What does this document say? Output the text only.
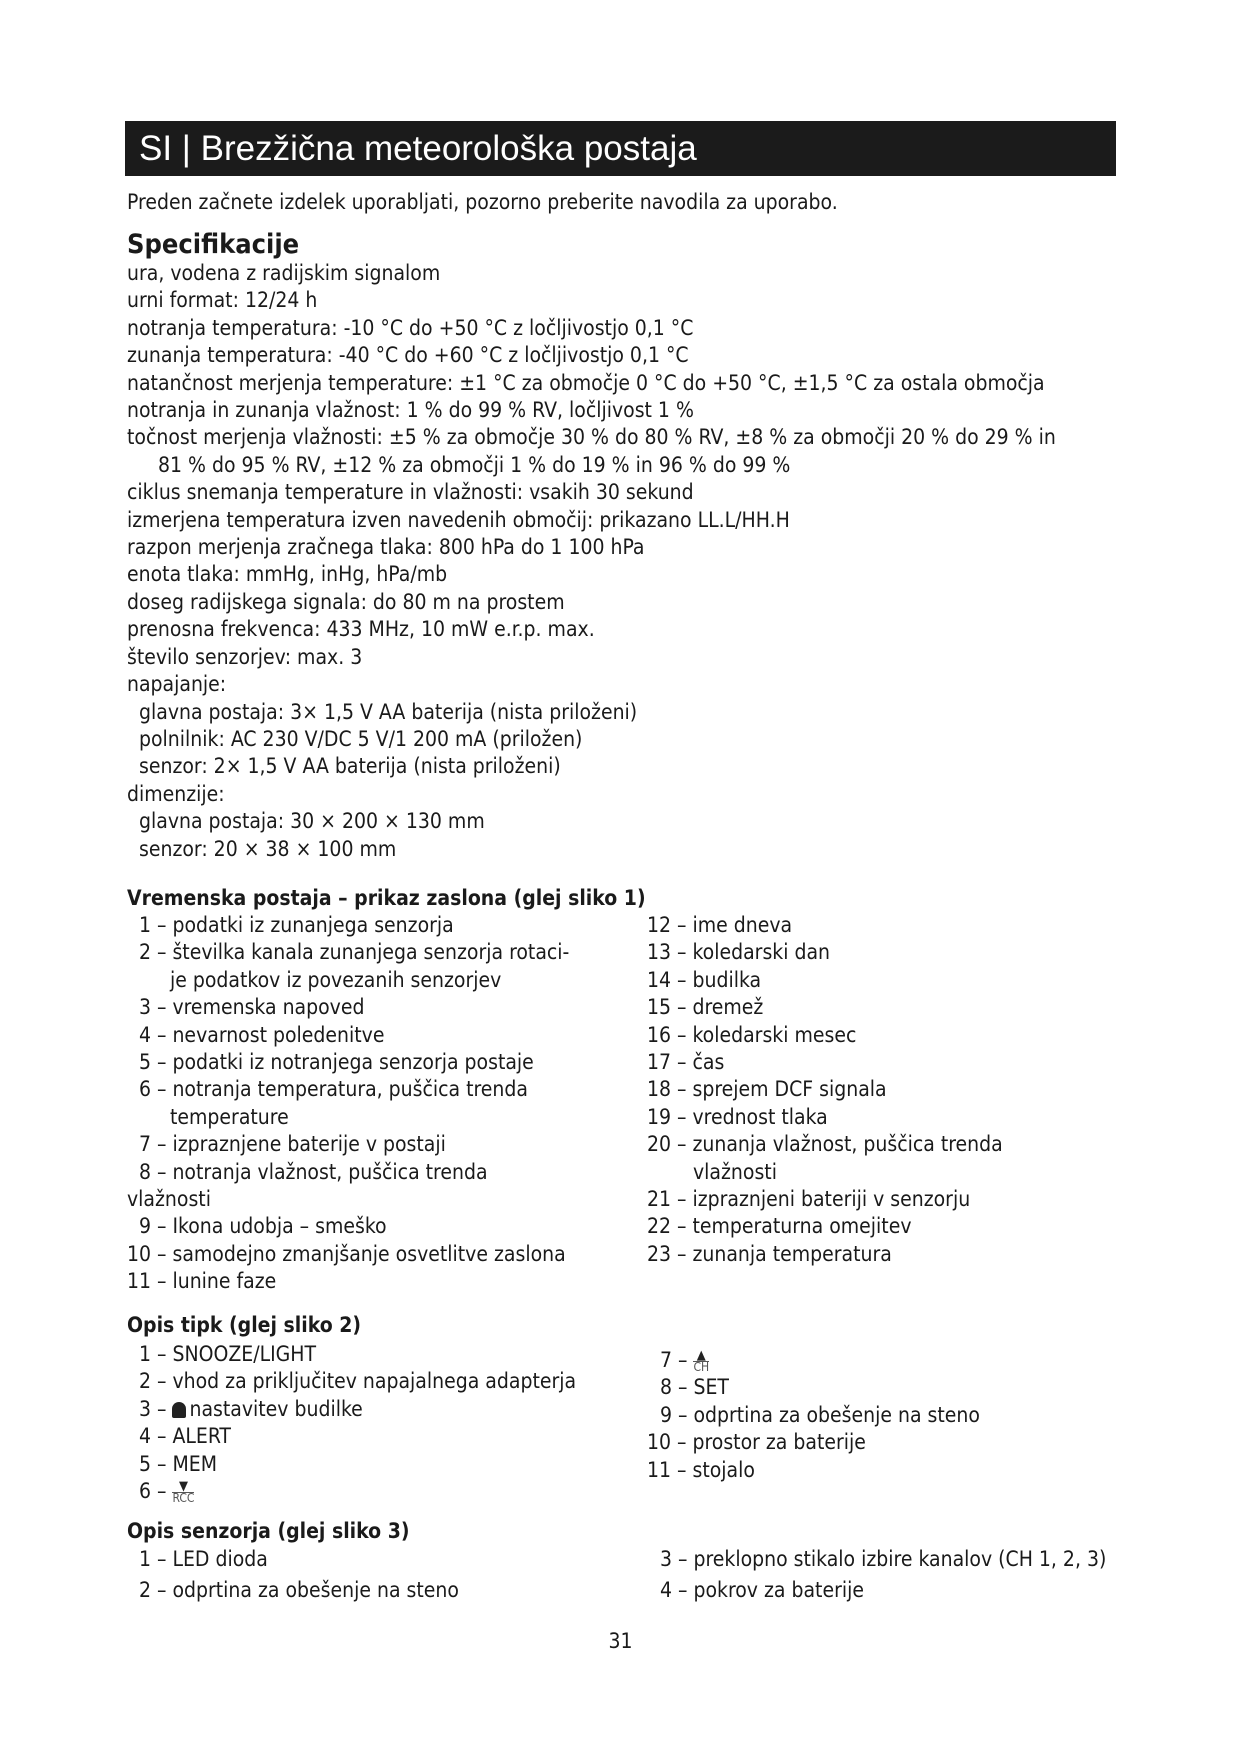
SI | Brezžična meteorološka postaja
Preden začnete izdelek uporabljati, pozorno preberite navodila za uporabo.
Specifikacije
ura, vodena z radijskim signalom
urni format: 12/24 h
notranja temperatura: -10 °C do +50 °C z ločljivostjo 0,1 °C
zunanja temperatura: -40 °C do +60 °C z ločljivostjo 0,1 °C
natančnost merjenja temperature: ±1 °C za območje 0 °C do +50 °C, ±1,5 °C za ostala območja
notranja in zunanja vlažnost: 1 % do 99 % RV, ločljivost 1 %
točnost merjenja vlažnosti: ±5 % za območje 30 % do 80 % RV, ±8 % za območji 20 % do 29 % in
81 % do 95 % RV, ±12 % za območji 1 % do 19 % in 96 % do 99 %
ciklus snemanja temperature in vlažnosti: vsakih 30 sekund
izmerjena temperatura izven navedenih območij: prikazano LL.L/HH.H
razpon merjenja zračnega tlaka: 800 hPa do 1 100 hPa
enota tlaka: mmHg, inHg, hPa/mb
doseg radijskega signala: do 80 m na prostem
prenosna frekvenca: 433 MHz, 10 mW e.r.p. max.
število senzorjev: max. 3
napajanje:
glavna postaja: 3× 1,5 V AA baterija (nista priloženi)
polnilnik: AC 230 V/DC 5 V/1 200 mA (priložen)
senzor: 2× 1,5 V AA baterija (nista priloženi)
dimenzije:
glavna postaja: 30 × 200 × 130 mm
senzor: 20 × 38 × 100 mm
Vremenska postaja – prikaz zaslona (glej sliko 1)
1 – podatki iz zunanjega senzorja
2 – številka kanala zunanjega senzorja rotaci-
je podatkov iz povezanih senzorjev
3 – vremenska napoved
4 – nevarnost poledenitve
5 – podatki iz notranjega senzorja postaje
6 – notranja temperatura, puščica trenda
temperature
7 – izpraznjene baterije v postaji
8 – notranja vlažnost, puščica trenda
vlažnosti
9 – Ikona udobja – smeško
10 – samodejno zmanjšanje osvetlitve zaslona
11 – lunine faze
12 – ime dneva
13 – koledarski dan
14 – budilka
15 – dremež
16 – koledarski mesec
17 – čas
18 – sprejem DCF signala
19 – vrednost tlaka
20 – zunanja vlažnost, puščica trenda
vlažnosti
21 – izpraznjeni bateriji v senzorju
22 – temperaturna omejitev
23 – zunanja temperatura
Opis tipk (glej sliko 2)
1 – SNOOZE/LIGHT
2 – vhod za priključitev napajalnega adapterja
3 – nastavitev budilke
4 – ALERT
5 – MEM
$6 - \frac{▼}{\text{RCC}}$
$7 - \frac{▲}{CH}$
8 – SET
9 – odprtina za obešenje na steno
10 – prostor za baterije
11 – stojalo
Opis senzorja (glej sliko 3)
1 – LED dioda
2 – odprtina za obešenje na steno
3 – preklopno stikalo izbire kanalov (CH 1, 2, 3)
4 – pokrov za baterije
31
